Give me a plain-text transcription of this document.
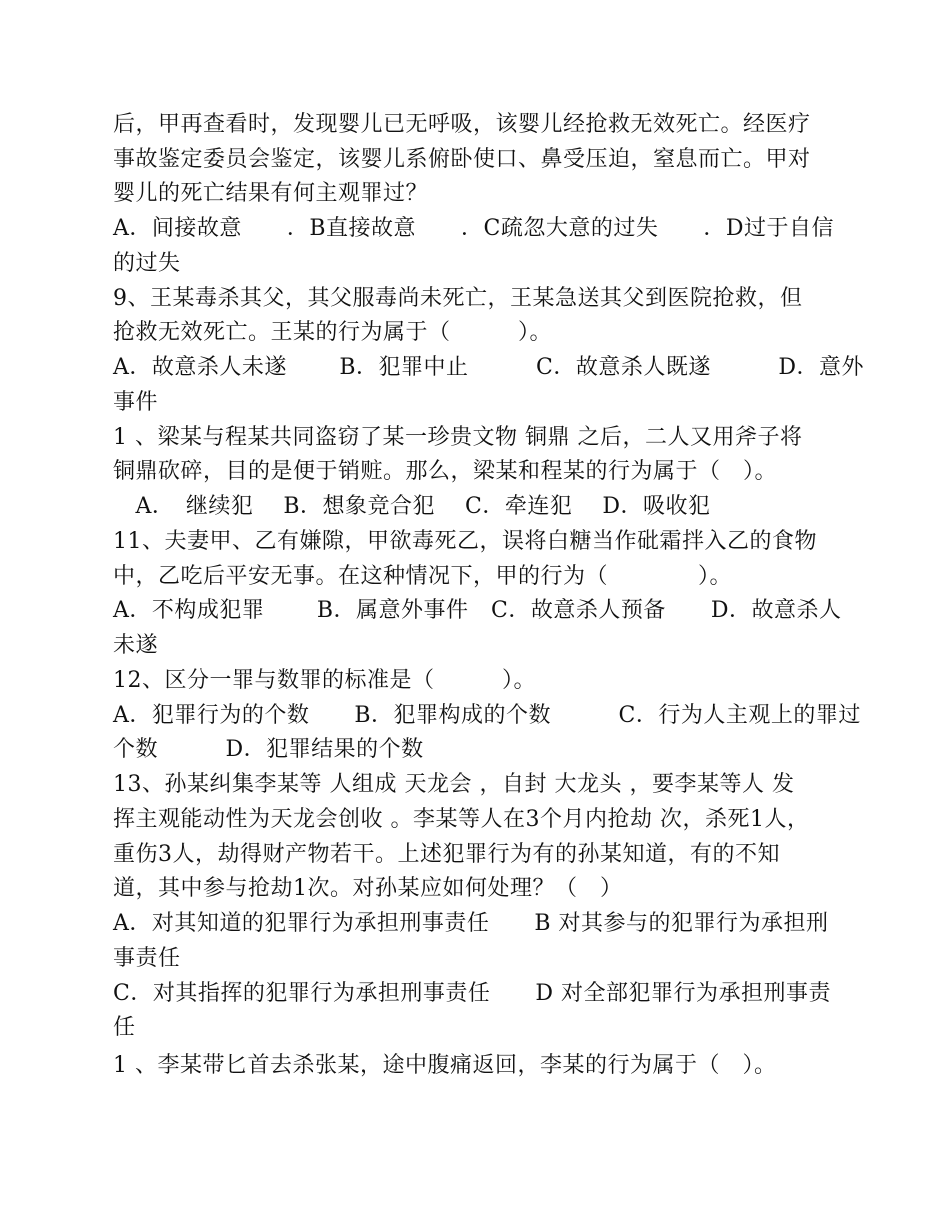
后，甲再查看时，发现婴儿已无呼吸，该婴儿经抢救无效死亡。经医疗
事故鉴定委员会鉴定，该婴儿系俯卧使口、鼻受压迫，窒息而亡。甲对
婴儿的死亡结果有何主观罪过？
A．间接故意　　．B直接故意　　．C疏忽大意的过失　　．D过于自信
的过失
9、王某毒杀其父，其父服毒尚未死亡，王某急送其父到医院抢救，但
抢救无效死亡。王某的行为属于（　　　）。
A．故意杀人未遂　　 B．犯罪中止　　　C．故意杀人既遂　　　D．意外
事件
1 、梁某与程某共同盗窃了某一珍贵文物 铜鼎 之后，二人又用斧子将
铜鼎砍碎，目的是便于销赃。那么，梁某和程某的行为属于（　）。
　A．　继续犯　 B．想象竞合犯　 C．牵连犯　 D．吸收犯
11、夫妻甲、乙有嫌隙，甲欲毒死乙，误将白糖当作砒霜拌入乙的食物
中，乙吃后平安无事。在这种情况下，甲的行为（　　　　）。
A．不构成犯罪　　 B．属意外事件　C．故意杀人预备　　D．故意杀人
未遂
12、区分一罪与数罪的标准是（　　　）。
A．犯罪行为的个数　　B．犯罪构成的个数　　　C．行为人主观上的罪过
个数　　　D．犯罪结果的个数
13、孙某纠集李某等 人组成 天龙会 ，自封 大龙头 ，要李某等人 发
挥主观能动性为天龙会创收 。李某等人在3个月内抢劫 次，杀死1人，
重伤3人，劫得财产物若干。上述犯罪行为有的孙某知道，有的不知
道，其中参与抢劫1次。对孙某应如何处理？（　）
A．对其知道的犯罪行为承担刑事责任　　B 对其参与的犯罪行为承担刑
事责任
C．对其指挥的犯罪行为承担刑事责任　　D 对全部犯罪行为承担刑事责
任
1 、李某带匕首去杀张某，途中腹痛返回，李某的行为属于（　）。
